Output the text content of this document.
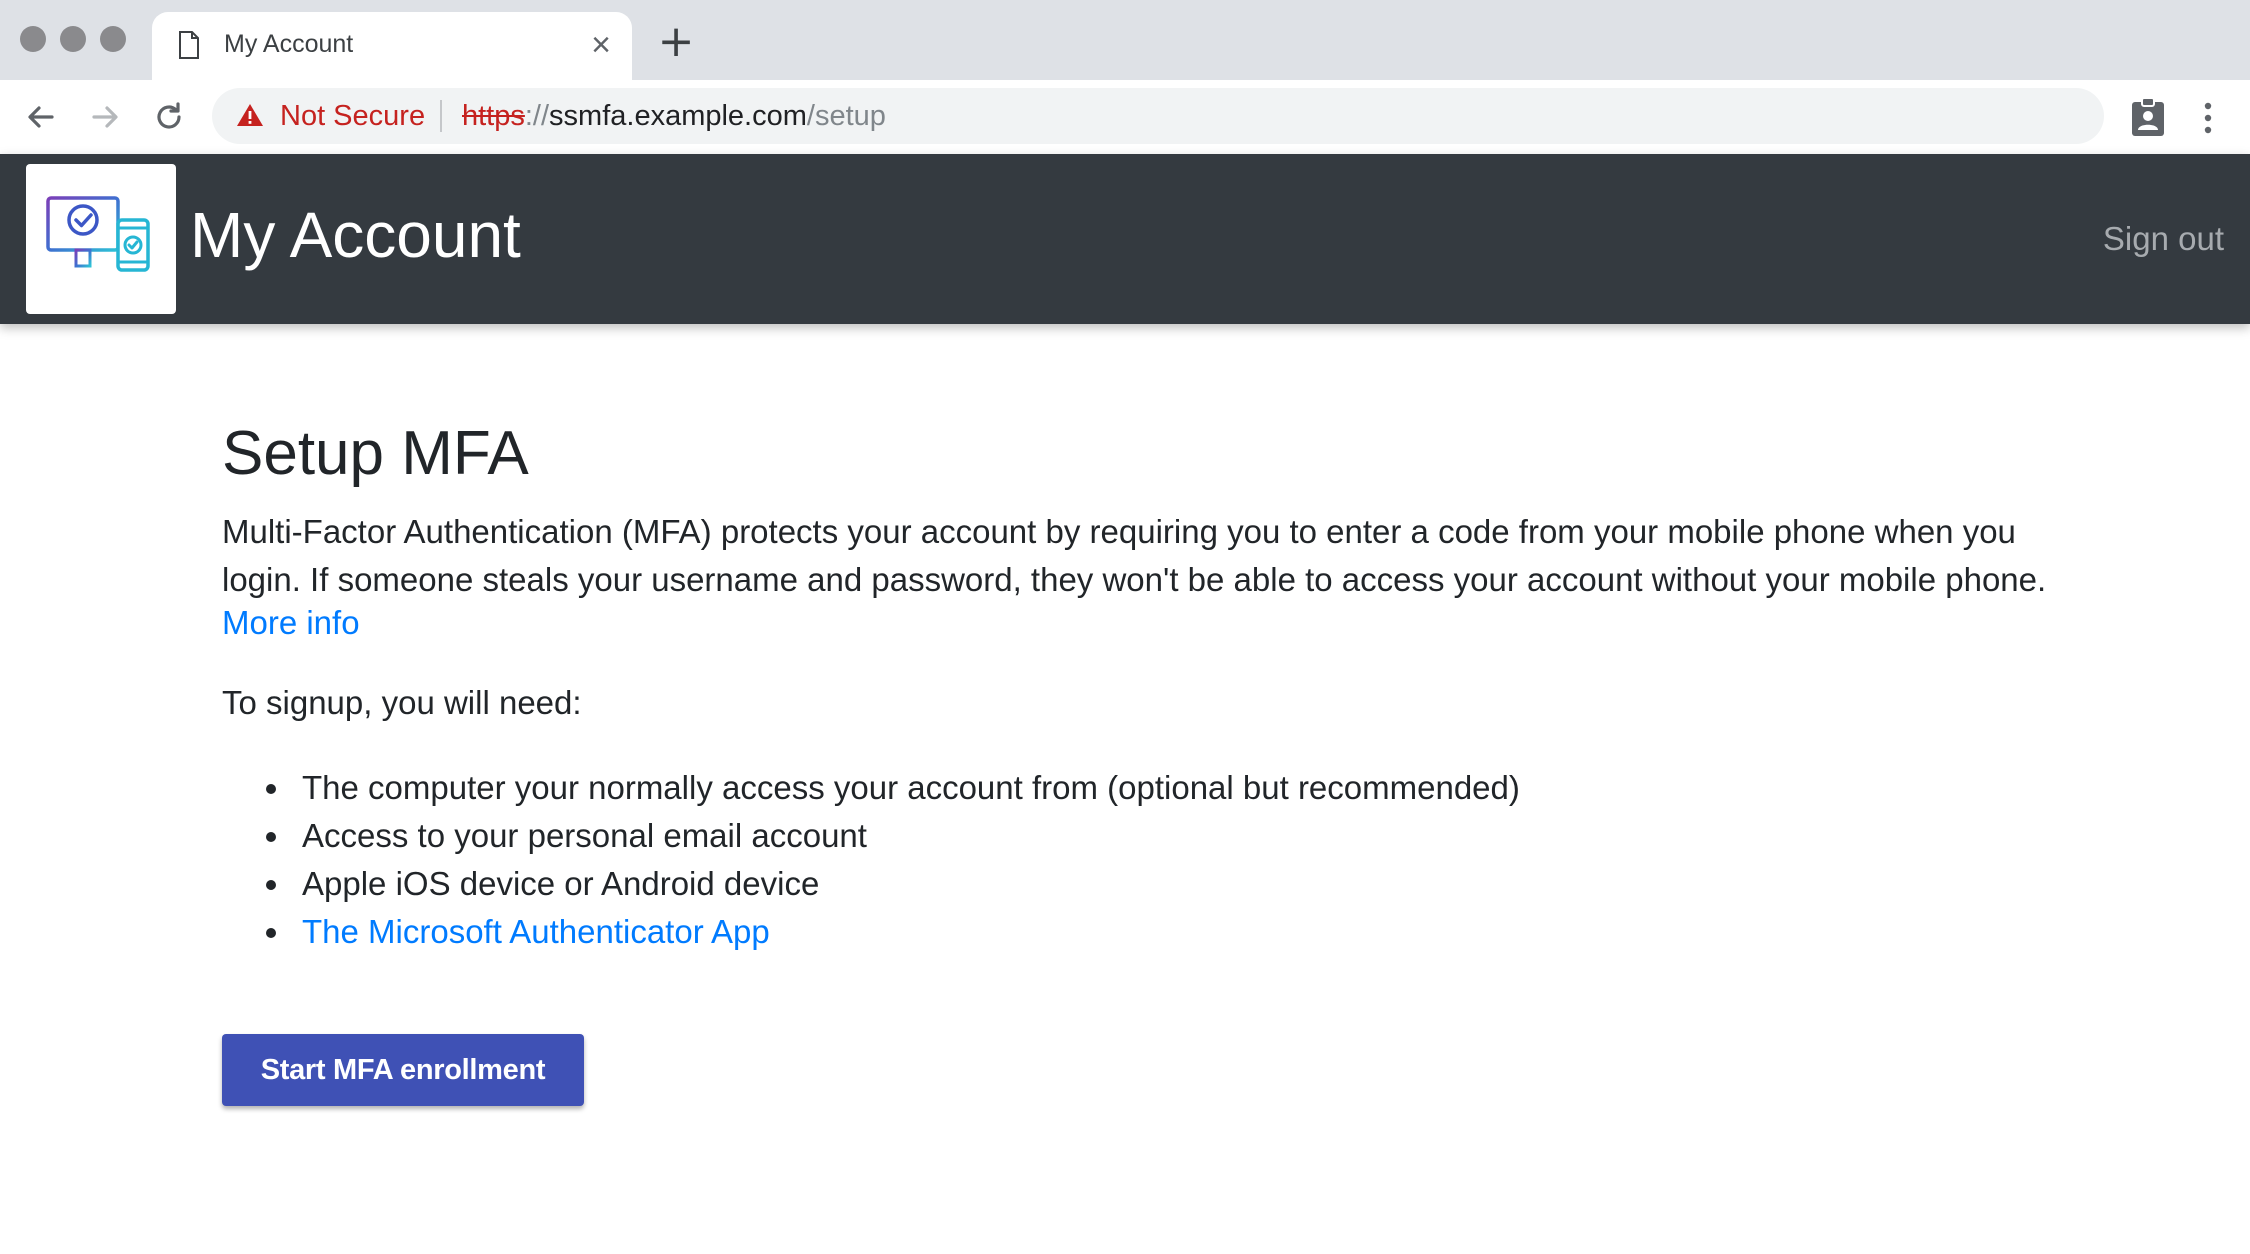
My Account	× +
Not Secure https://ssmfa.example.com/setup
My Account	Sign out
Setup MFA
Multi-Factor Authentication (MFA) protects your account by requiring you to enter a code from your mobile phone when you login. If someone steals your username and password, they won't be able to access your account without your mobile phone.
More info
To signup, you will need:
The computer your normally access your account from (optional but recommended)
Access to your personal email account
Apple iOS device or Android device
The Microsoft Authenticator App
Start MFA enrollment
